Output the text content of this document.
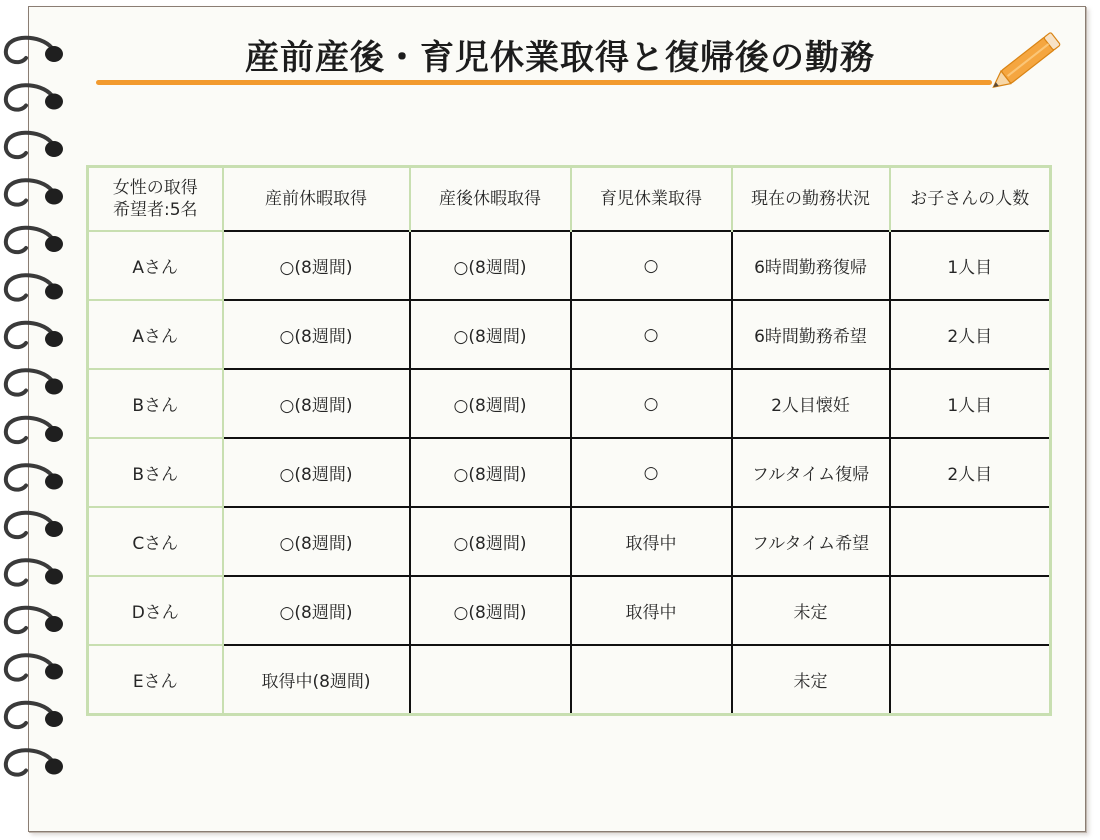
産前産後・育児休業取得と復帰後の勤務
女性の取得
希望者:5名	産前休暇取得	産後休暇取得	育児休業取得	現在の勤務状況	お子さんの人数
Aさん	○(8週間)	○(8週間)	○	6時間勤務復帰	1人目
Aさん	○(8週間)	○(8週間)	○	6時間勤務希望	2人目
Bさん	○(8週間)	○(8週間)	○	2人目懐妊	1人目
Bさん	○(8週間)	○(8週間)	○	フルタイム復帰	2人目
Cさん	○(8週間)	○(8週間)	取得中	フルタイム希望	
Dさん	○(8週間)	○(8週間)	取得中	未定	
Eさん	取得中(8週間)			未定	
